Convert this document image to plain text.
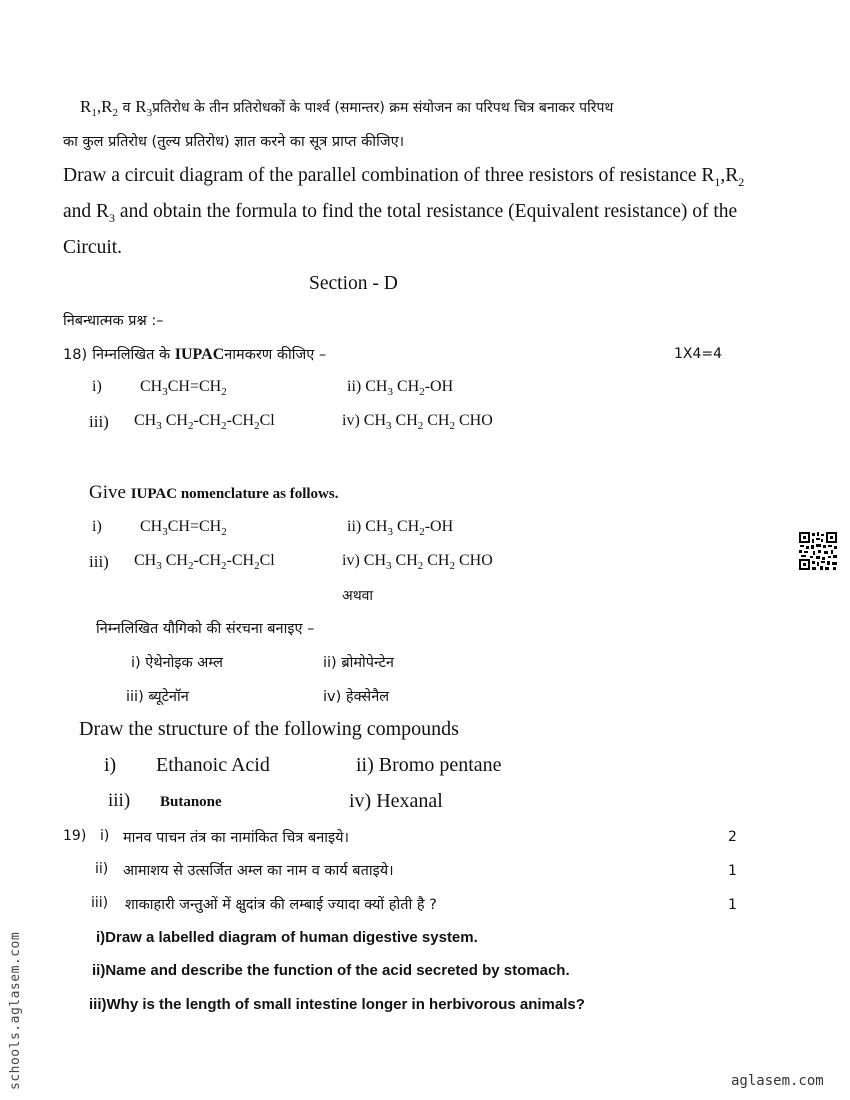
$R_1,R_2$ व $R_3प्रतिरोध$ के तीन प्रतिरोधकों के पार्श्व (समान्तर) क्रम संयोजन का परिपथ चित्र बनाकर परिपथ
का कुल प्रतिरोध (तुल्य प्रतिरोध) ज्ञात करने का सूत्र प्राप्त कीजिए।
Draw a circuit diagram of the parallel combination of three resistors of resistance $R_1,R_2$
and $R_3$ and obtain the formula to find the total resistance (Equivalent resistance) of the
Circuit.
Section - D
निबन्धात्मक प्रश्न :–
18) निम्नलिखित के IUPACनामकरण कीजिए –	1X4=4
i) $CH_3CH=CH_2$	ii) $CH_3$ $CH_2-OH$
iii) $CH_3$ $CH_2-CH_2-CH_2Cl$	iv) $CH_3$ $CH_2$ $CH_2$ CHO
Give IUPAC nomenclature as follows.
i) $CH_3CH=CH_2$	ii) $CH_3$ $CH_2-OH$
iii) $CH_3$ $CH_2-CH_2-CH_2Cl$	iv) $CH_3$ $CH_2$ $CH_2$ CHO
अथवा
निम्नलिखित यौगिको की संरचना बनाइए –
i) ऐथेनोइक अम्ल	ii) ब्रोमोपेन्टेन
iii) ब्यूटेनॉन	iv) हेक्सेनैल
Draw the structure of the following compounds
i) Ethanoic Acid	ii) Bromo pentane
iii) Butanone	iv) Hexanal
19) i) मानव पाचन तंत्र का नामांकित चित्र बनाइये।	2
ii) आमाशय से उत्सर्जित अम्ल का नाम व कार्य बताइये।	1
iii) शाकाहारी जन्तुओं में क्षुदांत्र की लम्बाई ज्यादा क्यों होती है ?	1
i)Draw a labelled diagram of human digestive system.
ii)Name and describe the function of the acid secreted by stomach.
iii)Why is the length of small intestine longer in herbivorous animals?
schools.aglasem.com	aglasem.com
